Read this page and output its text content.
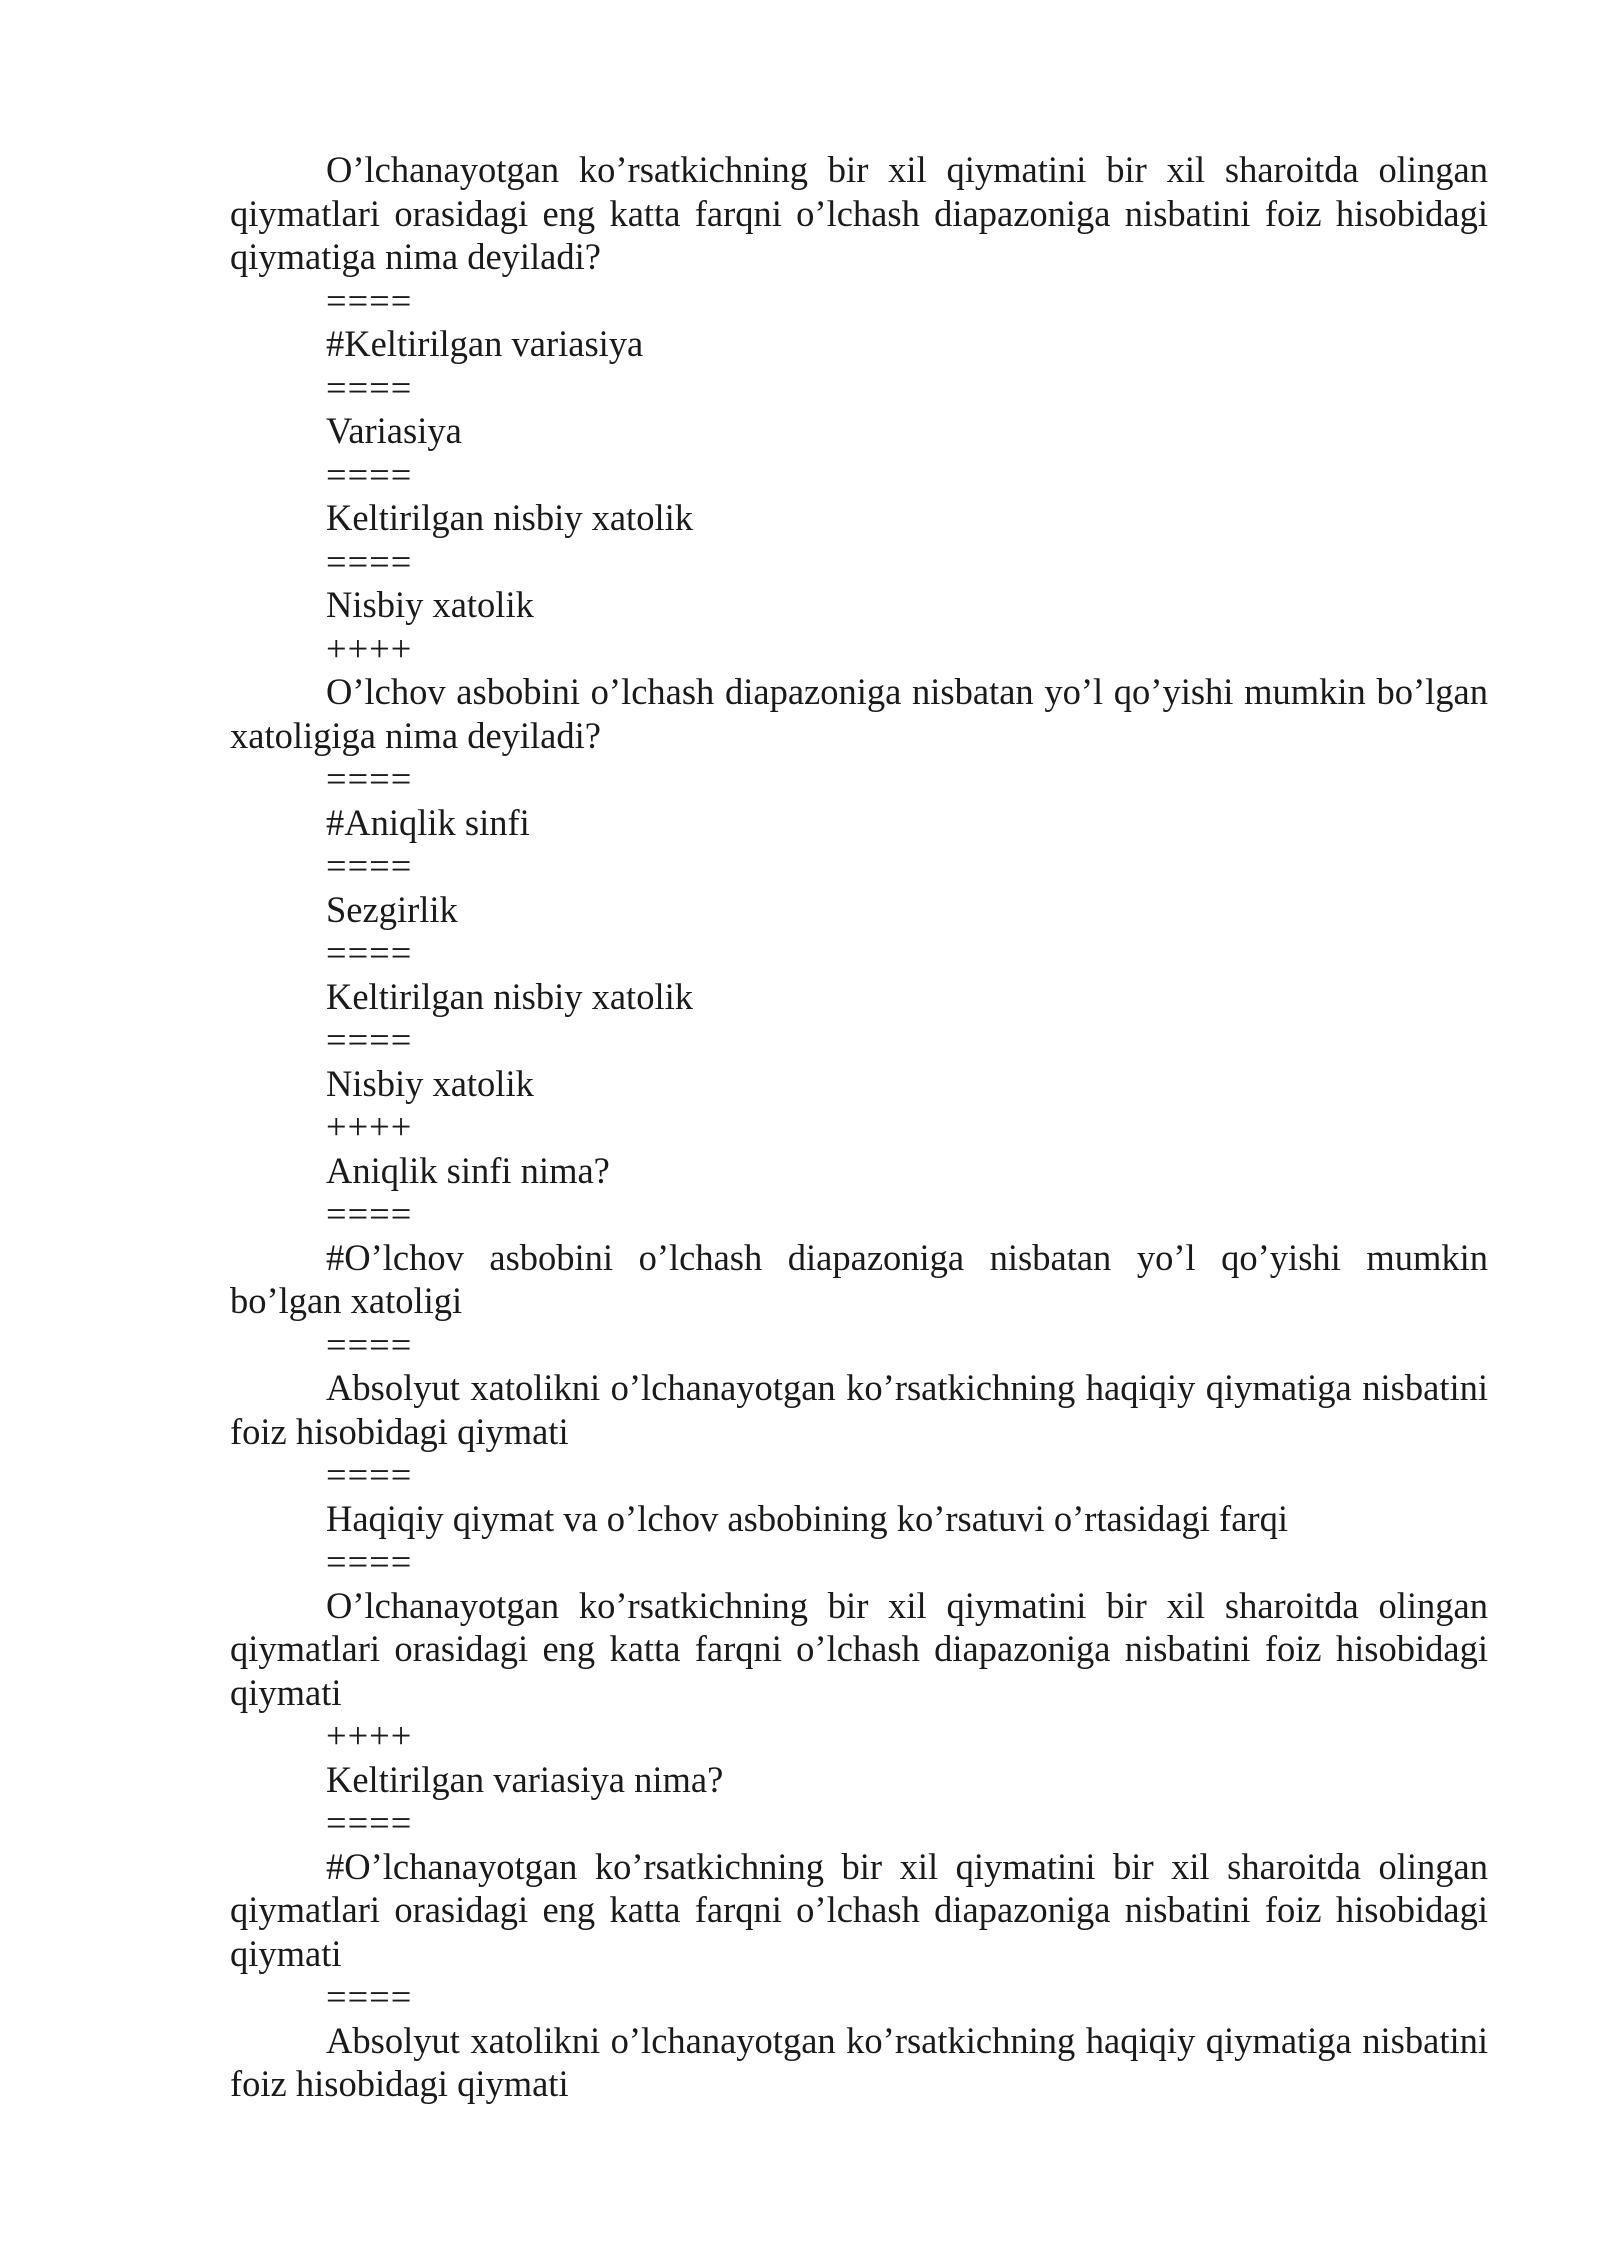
O’lchanayotgan ko’rsatkichning bir xil qiymatini bir xil sharoitda olingan qiymatlari orasidagi eng katta farqni o’lchash diapazoniga nisbatini foiz hisobidagi qiymatiga nima deyiladi?

====

#Keltirilgan variasiya

====

Variasiya

====

Keltirilgan nisbiy xatolik

====

Nisbiy xatolik

++++

O’lchov asbobini o’lchash diapazoniga nisbatan yo’l qo’yishi mumkin bo’lgan xatoligiga nima deyiladi?

====

#Aniqlik sinfi

====

Sezgirlik

====

Keltirilgan nisbiy xatolik

====

Nisbiy xatolik

++++

Aniqlik sinfi nima?

====

#O’lchov asbobini o’lchash diapazoniga nisbatan yo’l qo’yishi mumkin bo’lgan xatoligi

====

Absolyut xatolikni o’lchanayotgan ko’rsatkichning haqiqiy qiymatiga nisbatini foiz hisobidagi qiymati

====

Haqiqiy qiymat va o’lchov asbobining ko’rsatuvi o’rtasidagi farqi

====

O’lchanayotgan ko’rsatkichning bir xil qiymatini bir xil sharoitda olingan qiymatlari orasidagi eng katta farqni o’lchash diapazoniga nisbatini foiz hisobidagi qiymati

++++

Keltirilgan variasiya nima?

====

#O’lchanayotgan ko’rsatkichning bir xil qiymatini bir xil sharoitda olingan qiymatlari orasidagi eng katta farqni o’lchash diapazoniga nisbatini foiz hisobidagi qiymati

====

Absolyut xatolikni o’lchanayotgan ko’rsatkichning haqiqiy qiymatiga nisbatini foiz hisobidagi qiymati
